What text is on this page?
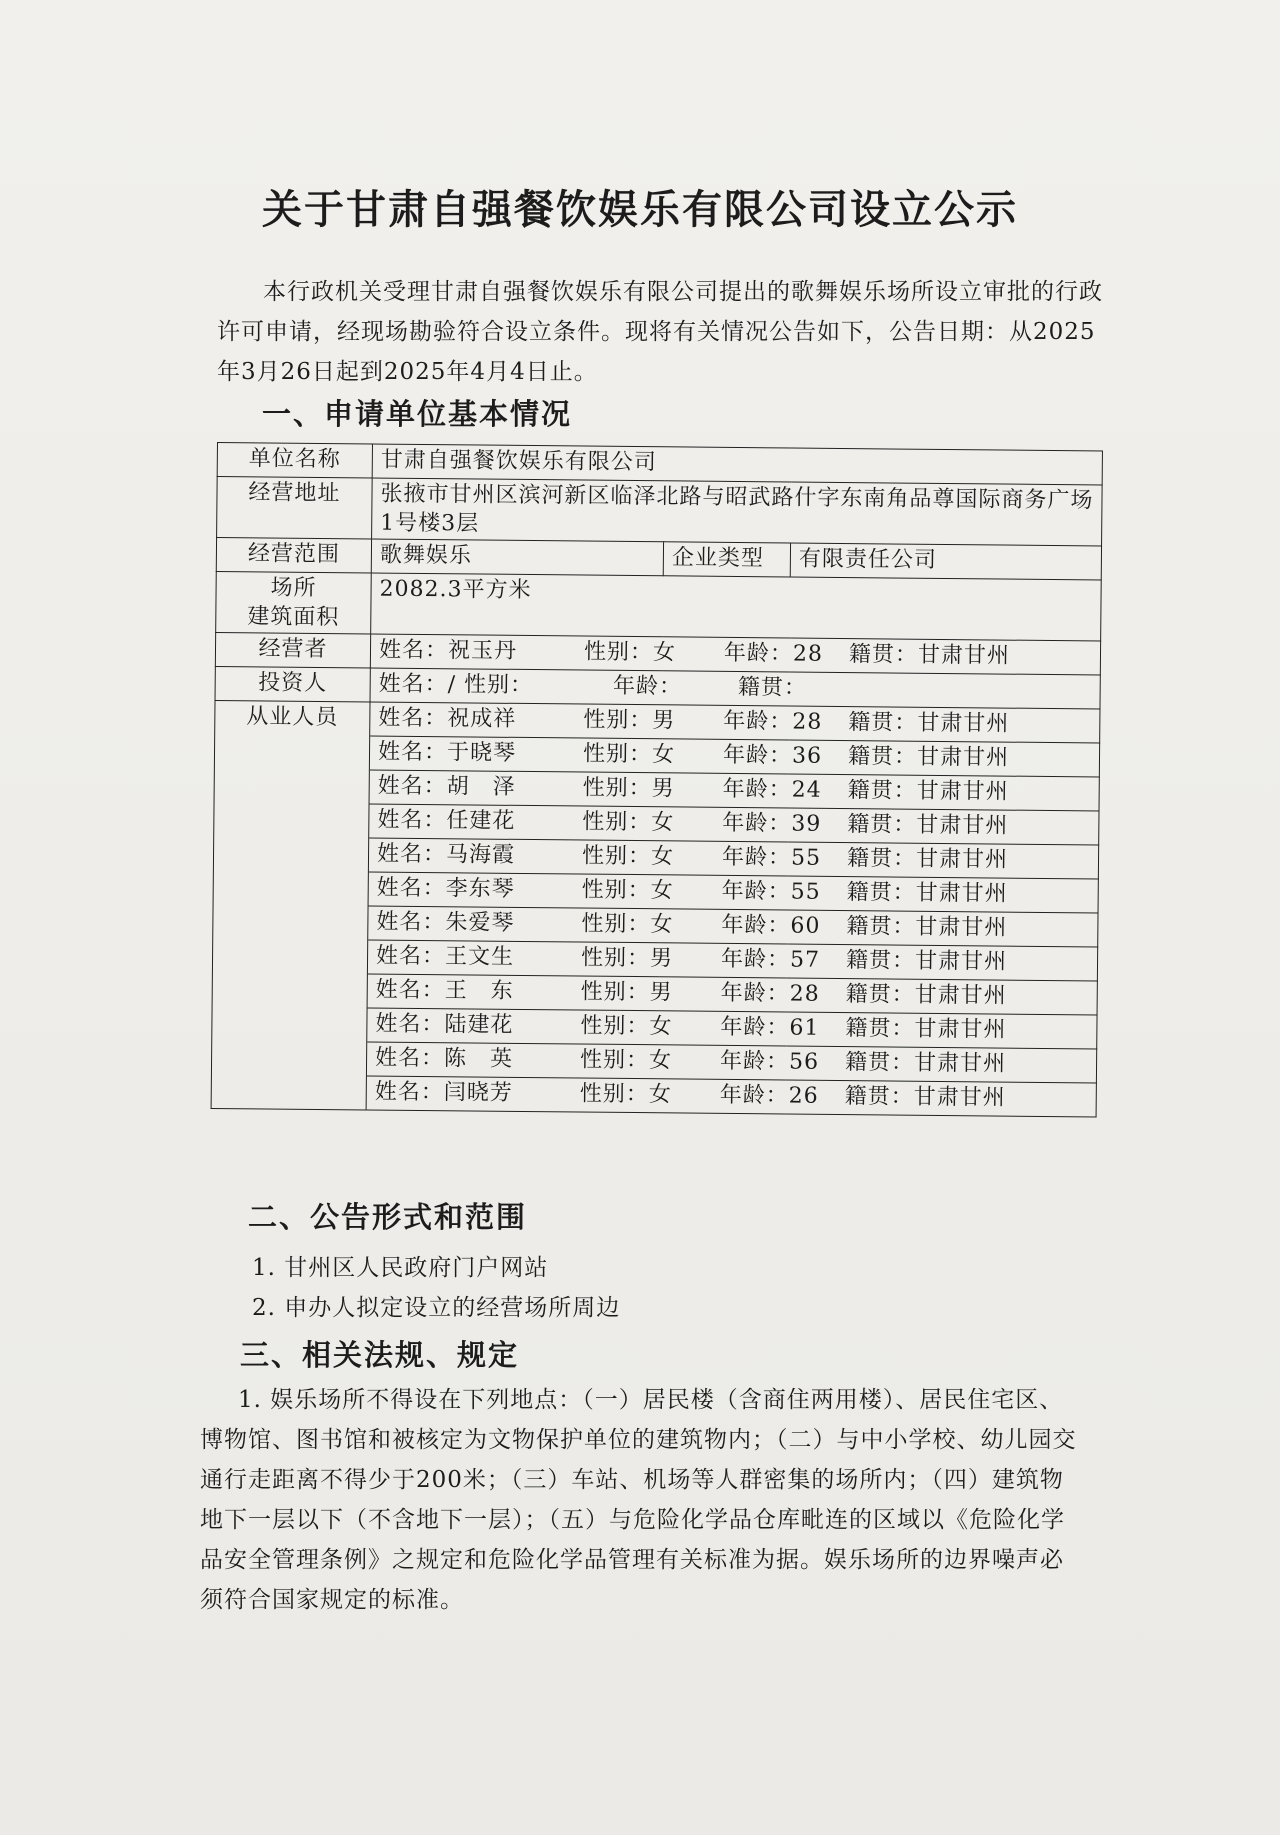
关于甘肃自强餐饮娱乐有限公司设立公示

本行政机关受理甘肃自强餐饮娱乐有限公司提出的歌舞娱乐场所设立审批的行政许可申请，经现场勘验符合设立条件。现将有关情况公告如下，公告日期：从2025年3月26日起到2025年4月4日止。

一、申请单位基本情况
单位名称	甘肃自强餐饮娱乐有限公司		
经营地址	张掖市甘州区滨河新区临泽北路与昭武路什字东南角品尊国际商务广场1号楼3层		
经营范围	歌舞娱乐	企业类型	有限责任公司

场所
建筑面积	2082.3平方米		
经营者	姓名：祝玉丹 性别：女 年龄：28 籍贯：甘肃甘州		
投资人	姓名：/ 性别：          年龄：       籍贯：		
从业人员	姓名：祝成祥 性别：男 年龄：28 籍贯：甘肃甘州		
	姓名：于晓琴 性别：女 年龄：36 籍贯：甘肃甘州		
	姓名：胡　泽 性别：男 年龄：24 籍贯：甘肃甘州		
	姓名：任建花 性别：女 年龄：39 籍贯：甘肃甘州		
	姓名：马海霞 性别：女 年龄：55 籍贯：甘肃甘州		
	姓名：李东琴 性别：女 年龄：55 籍贯：甘肃甘州		
	姓名：朱爱琴 性别：女 年龄：60 籍贯：甘肃甘州		
	姓名：王文生 性别：男 年龄：57 籍贯：甘肃甘州		
	姓名：王　东 性别：男 年龄：28 籍贯：甘肃甘州		
	姓名：陆建花 性别：女 年龄：61 籍贯：甘肃甘州		
	姓名：陈　英 性别：女 年龄：56 籍贯：甘肃甘州		
	姓名：闫晓芳 性别：女 年龄：26 籍贯：甘肃甘州		
二、公告形式和范围
1. 甘州区人民政府门户网站
2. 申办人拟定设立的经营场所周边
三、相关法规、规定

1. 娱乐场所不得设在下列地点：（一）居民楼（含商住两用楼）、居民住宅区、博物馆、图书馆和被核定为文物保护单位的建筑物内；（二）与中小学校、幼儿园交通行走距离不得少于200米；（三）车站、机场等人群密集的场所内；（四）建筑物地下一层以下（不含地下一层）；（五）与危险化学品仓库毗连的区域以《危险化学品安全管理条例》之规定和危险化学品管理有关标准为据。娱乐场所的边界噪声必须符合国家规定的标准。
